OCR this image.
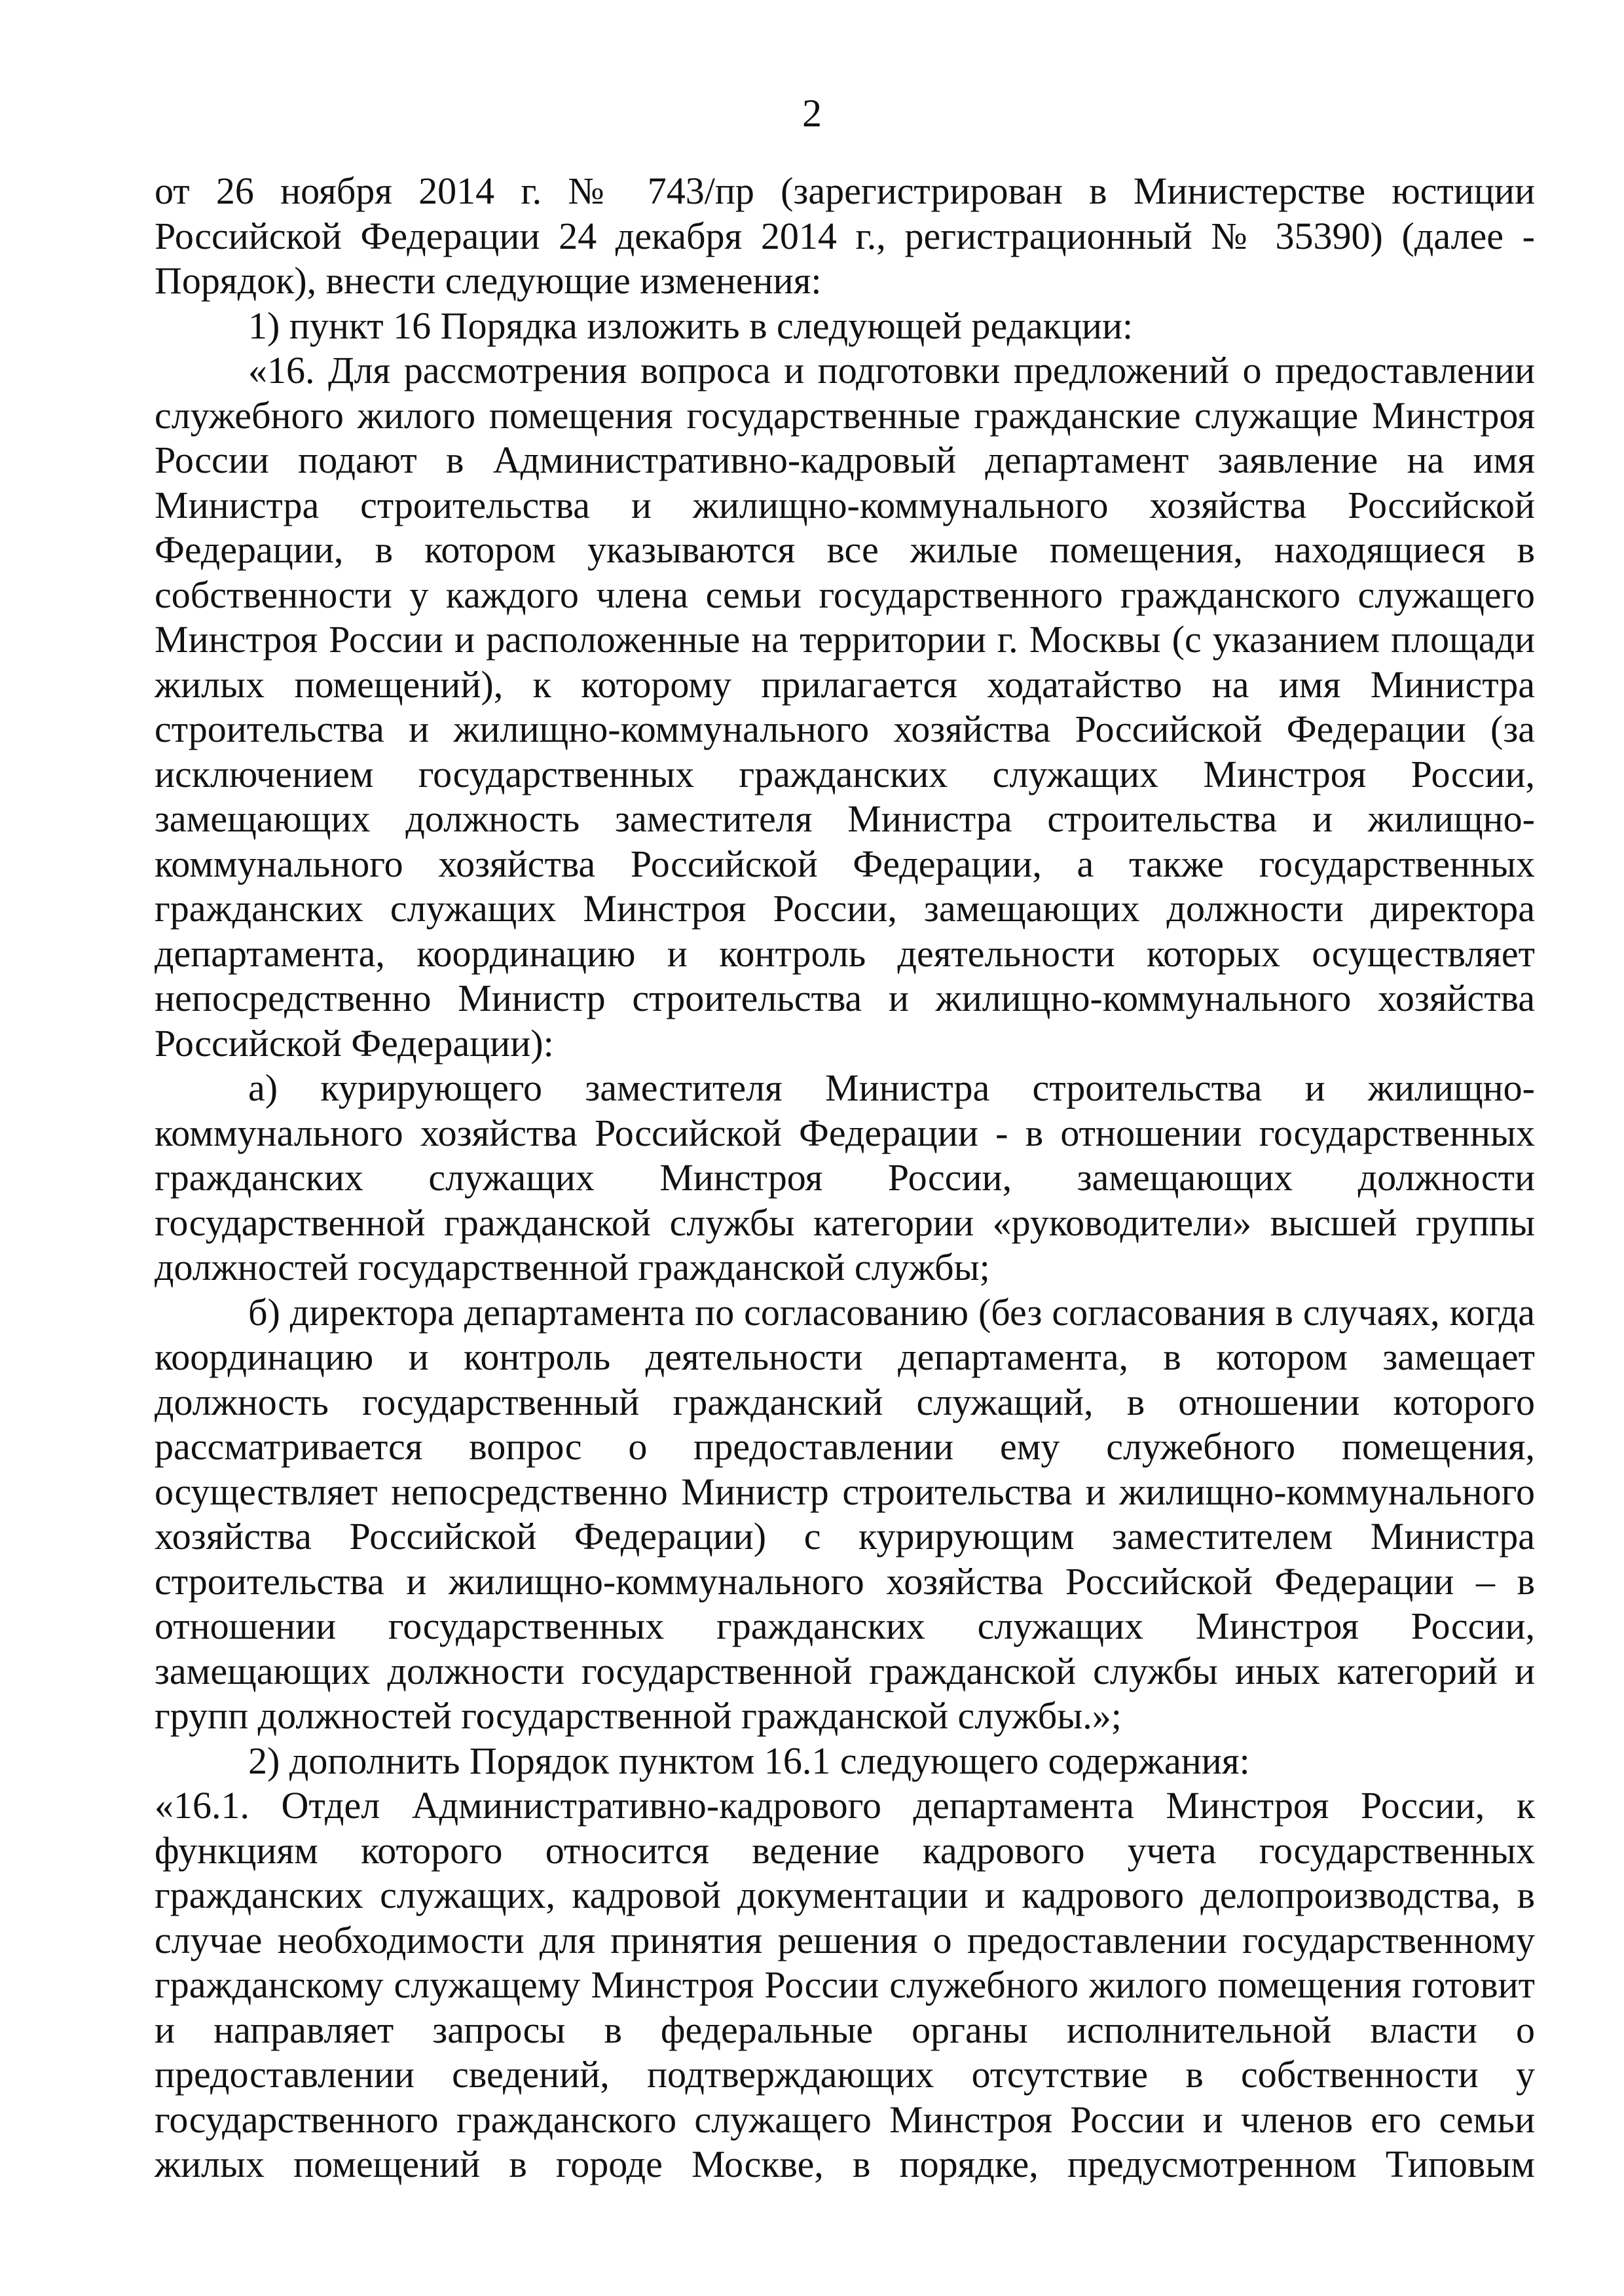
2

от 26 ноября 2014 г. № 743/пр (зарегистрирован в Министерстве юстиции Российской Федерации 24 декабря 2014 г., регистрационный № 35390) (далее - Порядок), внести следующие изменения:

1) пункт 16 Порядка изложить в следующей редакции:

«16. Для рассмотрения вопроса и подготовки предложений о предоставлении служебного жилого помещения государственные гражданские служащие Минстроя России подают в Административно-кадровый департамент заявление на имя Министра строительства и жилищно-коммунального хозяйства Российской Федерации, в котором указываются все жилые помещения, находящиеся в собственности у каждого члена семьи государственного гражданского служащего Минстроя России и расположенные на территории г. Москвы (с указанием площади жилых помещений), к которому прилагается ходатайство на имя Министра строительства и жилищно-коммунального хозяйства Российской Федерации (за исключением государственных гражданских служащих Минстроя России, замещающих должность заместителя Министра строительства и жилищно-коммунального хозяйства Российской Федерации, а также государственных гражданских служащих Минстроя России, замещающих должности директора департамента, координацию и контроль деятельности которых осуществляет непосредственно Министр строительства и жилищно-коммунального хозяйства Российской Федерации):

а) курирующего заместителя Министра строительства и жилищно-коммунального хозяйства Российской Федерации - в отношении государственных гражданских служащих Минстроя России, замещающих должности государственной гражданской службы категории «руководители» высшей группы должностей государственной гражданской службы;

б) директора департамента по согласованию (без согласования в случаях, когда координацию и контроль деятельности департамента, в котором замещает должность государственный гражданский служащий, в отношении которого рассматривается вопрос о предоставлении ему служебного помещения, осуществляет непосредственно Министр строительства и жилищно-коммунального хозяйства Российской Федерации) с курирующим заместителем Министра строительства и жилищно-коммунального хозяйства Российской Федерации – в отношении государственных гражданских служащих Минстроя России, замещающих должности государственной гражданской службы иных категорий и групп должностей государственной гражданской службы.»;

2) дополнить Порядок пунктом 16.1 следующего содержания:

«16.1. Отдел Административно-кадрового департамента Минстроя России, к функциям которого относится ведение кадрового учета государственных гражданских служащих, кадровой документации и кадрового делопроизводства, в случае необходимости для принятия решения о предоставлении государственному гражданскому служащему Минстроя России служебного жилого помещения готовит и направляет запросы в федеральные органы исполнительной власти о предоставлении сведений, подтверждающих отсутствие в собственности у государственного гражданского служащего Минстроя России и членов его семьи жилых помещений в городе Москве, в порядке, предусмотренном Типовым
